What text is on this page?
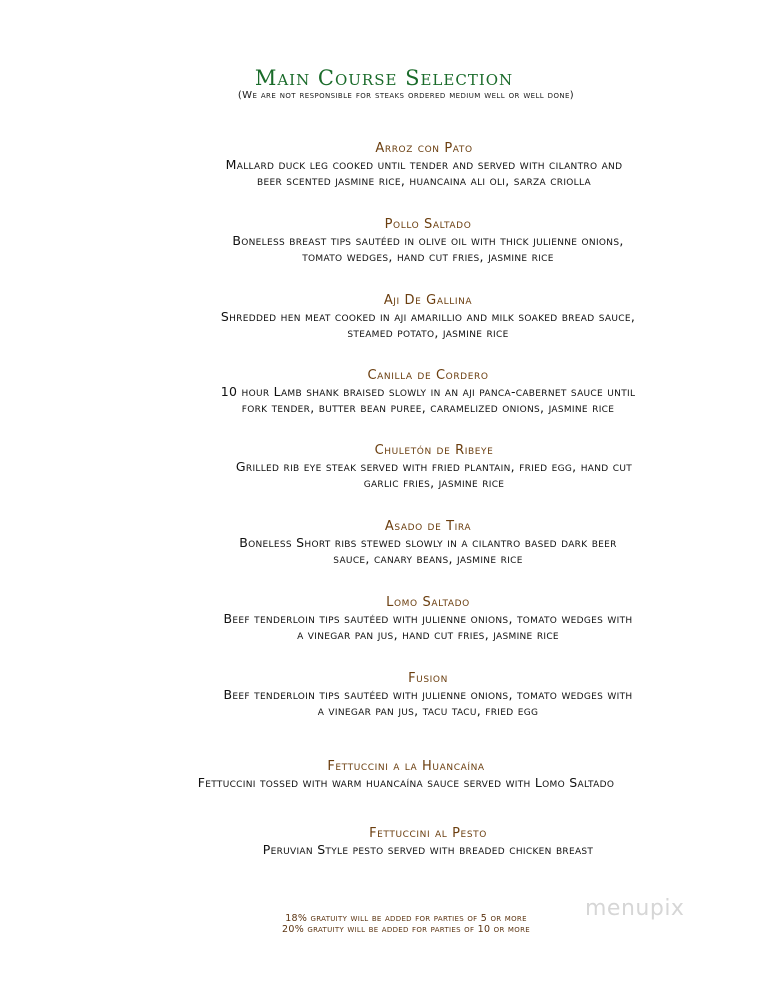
Main Course Selection
(We are not responsible for steaks ordered medium well or well done)
Arroz con Pato
Mallard duck leg cooked until tender and served with cilantro and
beer scented jasmine rice, huancaina ali oli, sarza criolla
Pollo Saltado
Boneless breast tips sautéed in olive oil with thick julienne onions,
tomato wedges, hand cut fries, jasmine rice
Aji De Gallina
Shredded hen meat cooked in aji amarillio and milk soaked bread sauce,
steamed potato, jasmine rice
Canilla de Cordero
10 hour Lamb shank braised slowly in an aji panca-cabernet sauce until
fork tender, butter bean puree, caramelized onions, jasmine rice
Chuletón de Ribeye
Grilled rib eye steak served with fried plantain, fried egg, hand cut
garlic fries, jasmine rice
Asado de Tira
Boneless Short ribs stewed slowly in a cilantro based dark beer
sauce, canary beans, jasmine rice
Lomo Saltado
Beef tenderloin tips sautéed with julienne onions, tomato wedges with
a vinegar pan jus, hand cut fries, jasmine rice
Fusion
Beef tenderloin tips sautéed with julienne onions, tomato wedges with
a vinegar pan jus, tacu tacu, fried egg
Fettuccini a la Huancaína
Fettuccini tossed with warm huancaína sauce served with Lomo Saltado
Fettuccini al Pesto
Peruvian Style pesto served with breaded chicken breast
menupix
18% gratuity will be added for parties of 5 or more
20% gratuity will be added for parties of 10 or more
